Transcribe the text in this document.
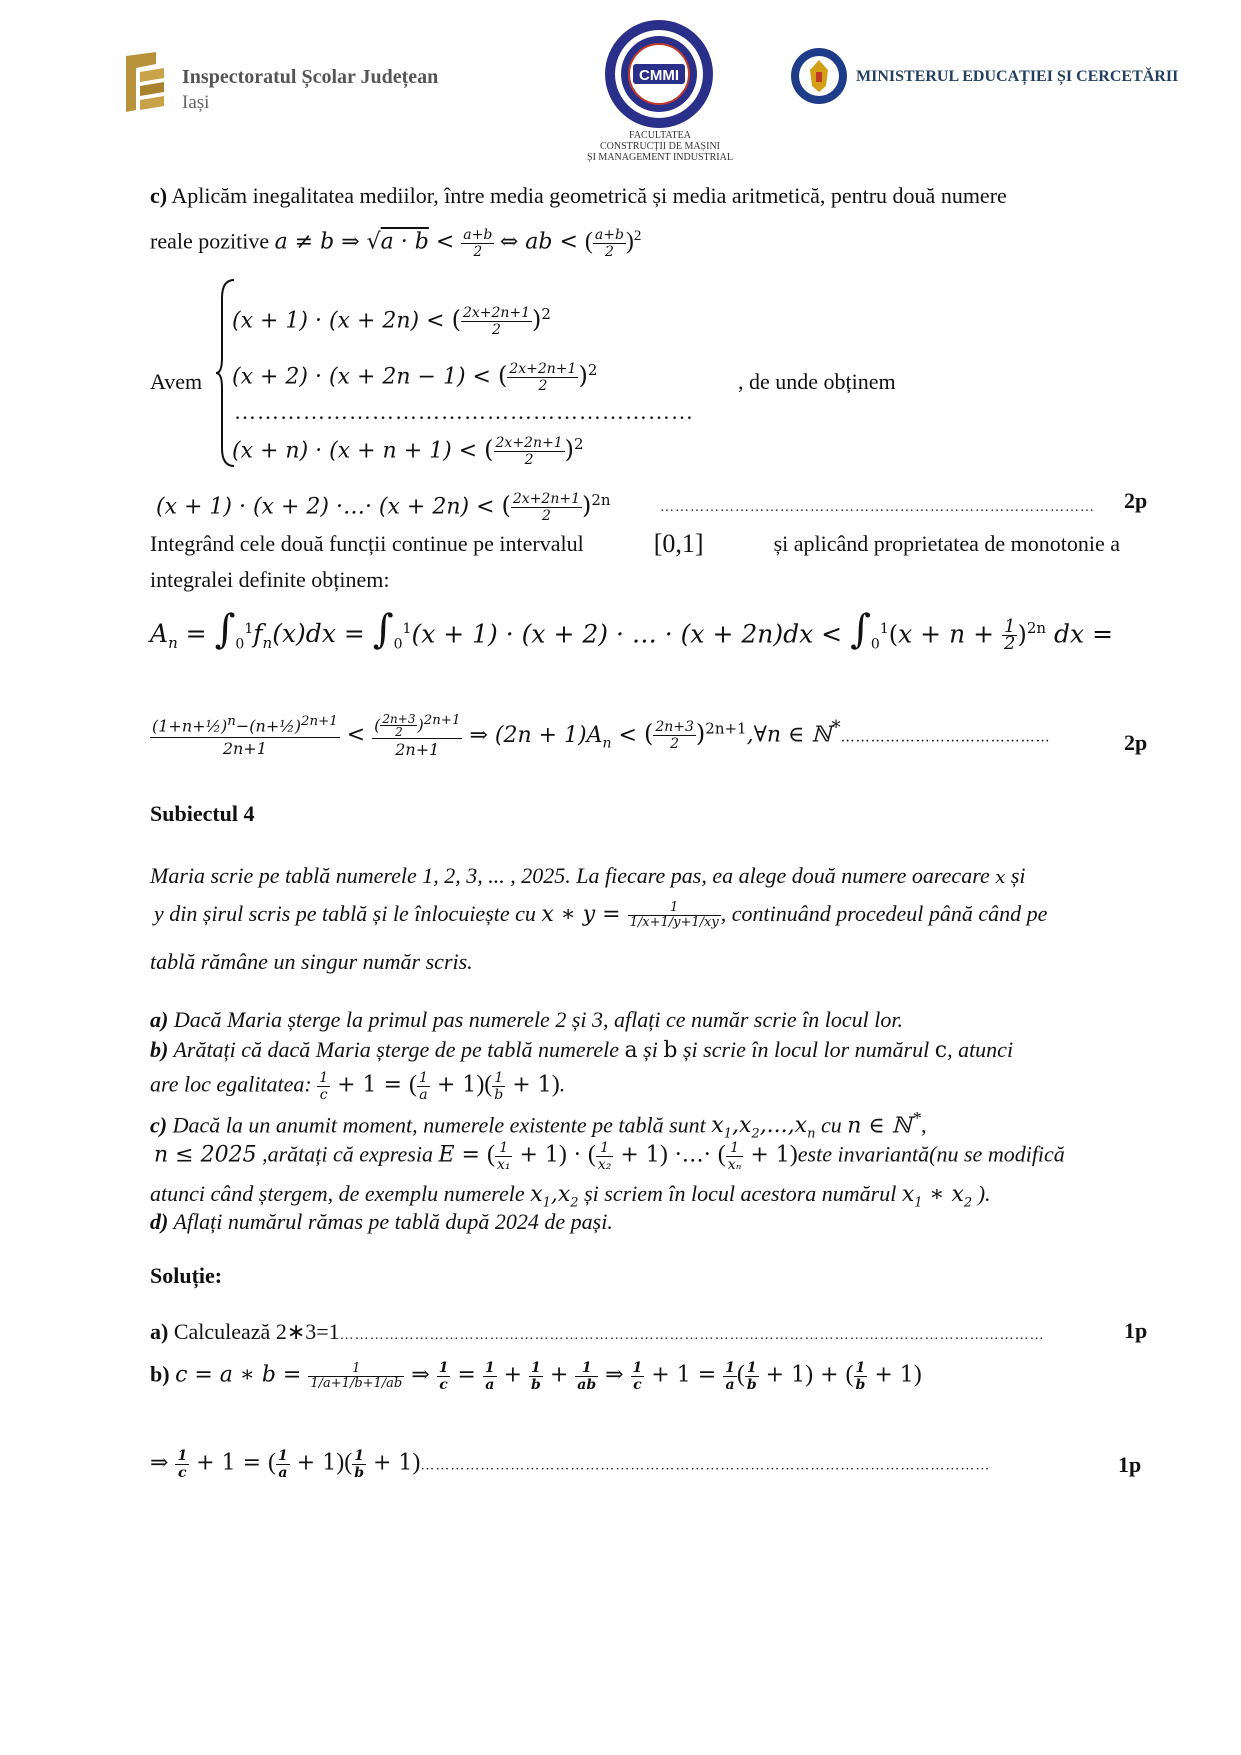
Inspectoratul Școlar Județean
Iași
CMMI
FACULTATEA
CONSTRUCȚII DE MAȘINI
ȘI MANAGEMENT INDUSTRIAL
MINISTERUL EDUCAȚIEI ȘI CERCETĂRII
c) Aplicăm inegalitatea mediilor, între media geometrică și media aritmetică, pentru două numere
reale pozitive a ≠ b ⇒ $√a \cdot b < \frac{a+b}{2}$ ⇔ ab < ( $\frac{a+b}{2} )^2$
Avem
(x + 1) · (x + 2n) < ( $\frac{2x+2n+1}{2} )^2$
(x + 2) · (x + 2n − 1) < ( $\frac{2x+2n+1}{2} )^2$
……………………………………………………
(x + n) · (x + n + 1) < ( $\frac{2x+2n+1}{2} )^2$
, de unde obținem
(x + 1) · (x + 2) ·…· (x + 2n) < ( $\frac{2x+2n+1}{2} )^{2n}$	…………………………………………………………………………… 2p
Integrând cele două funcții continue pe intervalul	[0,1]	și aplicând proprietatea de monotonie a
integralei definite obținem:
$A_n = \int_0^1f_n(x)dx = \int_0^1(x + 1) \cdot (x + 2)$ · … · $(x + 2n)dx < \int_0^1(x + n + \frac{1}{2} )^{2n}$ dx =
$\frac{(1+n+\frac{1}{2})^n-(n+\frac{1}{2})^{2n+1}}{2n+1} < \frac{( \frac{2n+3}{2} )^{2n+1}}{2n+1}$ ⇒ $(2n + 1)A_n$ < ( $\frac{2n+3}{2}$ )$^{2n+1}$,∀n ∈ ℕ*……………………………………	2p
Subiectul 4
Maria scrie pe tablă numerele 1, 2, 3, ... , 2025. La fiecare pas, ea alege două numere oarecare x și
y din șirul scris pe tablă și le înlocuiește cu x ∗ $y = \frac{1}{1/x+1/y+1/xy}$ , continuând procedeul până când pe
tablă rămâne un singur număr scris.
a) Dacă Maria șterge la primul pas numerele 2 și 3, aflați ce număr scrie în locul lor.
b) Arătați că dacă Maria șterge de pe tablă numerele a și b și scrie în locul lor numărul c, atunci
are loc egalitatea: $\frac{1}{c} + 1$ = ( $\frac{1}{a} + 1)( \frac{1}{b} + 1)$.
c) Dacă la un anumit moment, numerele existente pe tablă sunt $x_1,x_2,...,x_n$ cu n ∈ ℕ*,
n ≤ 2025 ,arătați că expresia E = ( $\frac{1}{\text{x₁}} + 1$) · ( $\frac{1}{\text{x₂}} + 1$) ·…· ( $\frac{1}{\text{xₙ}}$ + 1)este invariantă(nu se modifică
atunci când ștergem, de exemplu numerele $x_1,x_2$ și scriem în locul acestora numărul $x_1$ ∗ $x_2$ ).
d) Aflați numărul rămas pe tablă după 2024 de pași.
Soluție:
a) Calculează 2∗3=1……………………………………………………………………………………………………………………………	1p
b) c = a ∗ $b = \frac{1}{1/a+1/b+1/ab}$ ⇒ $\frac{1}{c} = \frac{1}{a} + \frac{1}{b} + \frac{1}{ab}$ ⇒ $\frac{1}{c} + 1 = \frac{1}{a}$ ( $\frac{1}{b} + 1$) + ( $\frac{1}{b} + 1$)
⇒ $\frac{1}{c} + 1$ = ( $\frac{1}{a} + 1)( \frac{1}{b}$ + 1)……………………………………………………………………………………………………	1p
